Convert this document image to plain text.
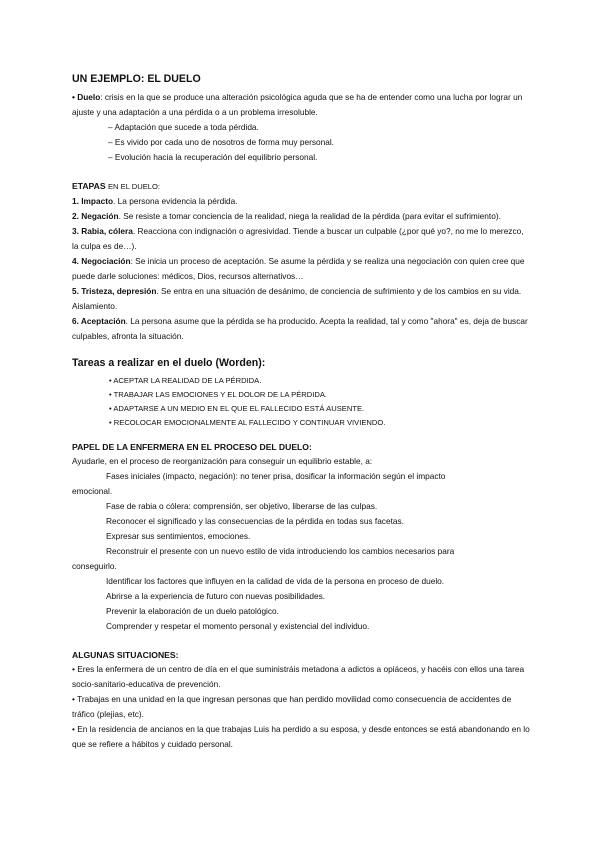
UN EJEMPLO: EL DUELO
• Duelo: crisis en la que se produce una alteración psicológica aguda que se ha de entender como una lucha por lograr un ajuste y una adaptación a una pérdida o a un problema irresoluble.
– Adaptación que sucede a toda pérdida.
– Es vivido por cada uno de nosotros de forma muy personal.
– Evolución hacia la recuperación del equilibrio personal.
ETAPAS EN EL DUELO:
1. Impacto. La persona evidencia la pérdida.
2. Negación. Se resiste a tomar conciencia de la realidad, niega la realidad de la pérdida (para evitar el sufrimiento).
3. Rabia, cólera. Reacciona con indignación o agresividad. Tiende a buscar un culpable (¿por qué yo?, no me lo merezco, la culpa es de…).
4. Negociación: Se inicia un proceso de aceptación. Se asume la pérdida y se realiza una negociación con quien cree que puede darle soluciones: médicos, Dios, recursos alternativos…
5. Tristeza, depresión. Se entra en una situación de desánimo, de conciencia de sufrimiento y de los cambios en su vida. Aislamiento.
6. Aceptación. La persona asume que la pérdida se ha producido. Acepta la realidad, tal y como "ahora" es, deja de buscar culpables, afronta la situación.
Tareas a realizar en el duelo (Worden):
• ACEPTAR LA REALIDAD DE LA PÉRDIDA.
• TRABAJAR LAS EMOCIONES Y EL DOLOR DE LA PÉRDIDA.
• ADAPTARSE A UN MEDIO EN EL QUE EL FALLECIDO ESTÁ AUSENTE.
• RECOLOCAR EMOCIONALMENTE AL FALLECIDO Y CONTINUAR VIVIENDO.
PAPEL DE LA ENFERMERA EN EL PROCESO DEL DUELO:
Ayudarle, en el proceso de reorganización para conseguir un equilibrio estable, a:
Fases iniciales (impacto, negación): no tener prisa, dosificar la información según el impacto
emocional.
Fase de rabia o cólera: comprensión, ser objetivo, liberarse de las culpas.
Reconocer el significado y las consecuencias de la pérdida en todas sus facetas.
Expresar sus sentimientos, emociones.
Reconstruir el presente con un nuevo estilo de vida introduciendo los cambios necesarios para
conseguirlo.
Identificar los factores que influyen en la calidad de vida de la persona en proceso de duelo.
Abrirse a la experiencia de futuro con nuevas posibilidades.
Prevenir la elaboración de un duelo patológico.
Comprender y respetar el momento personal y existencial del individuo.
ALGUNAS SITUACIONES:
• Eres la enfermera de un centro de día en el que suministráis metadona a adictos a opiáceos, y hacéis con ellos una tarea socio-sanitario-educativa de prevención.
• Trabajas en una unidad en la que ingresan personas que han perdido movilidad como consecuencia de accidentes de tráfico (plejias, etc).
• En la residencia de ancianos en la que trabajas Luis ha perdido a su esposa, y desde entonces se está abandonando en lo que se refiere a hábitos y cuidado personal.
